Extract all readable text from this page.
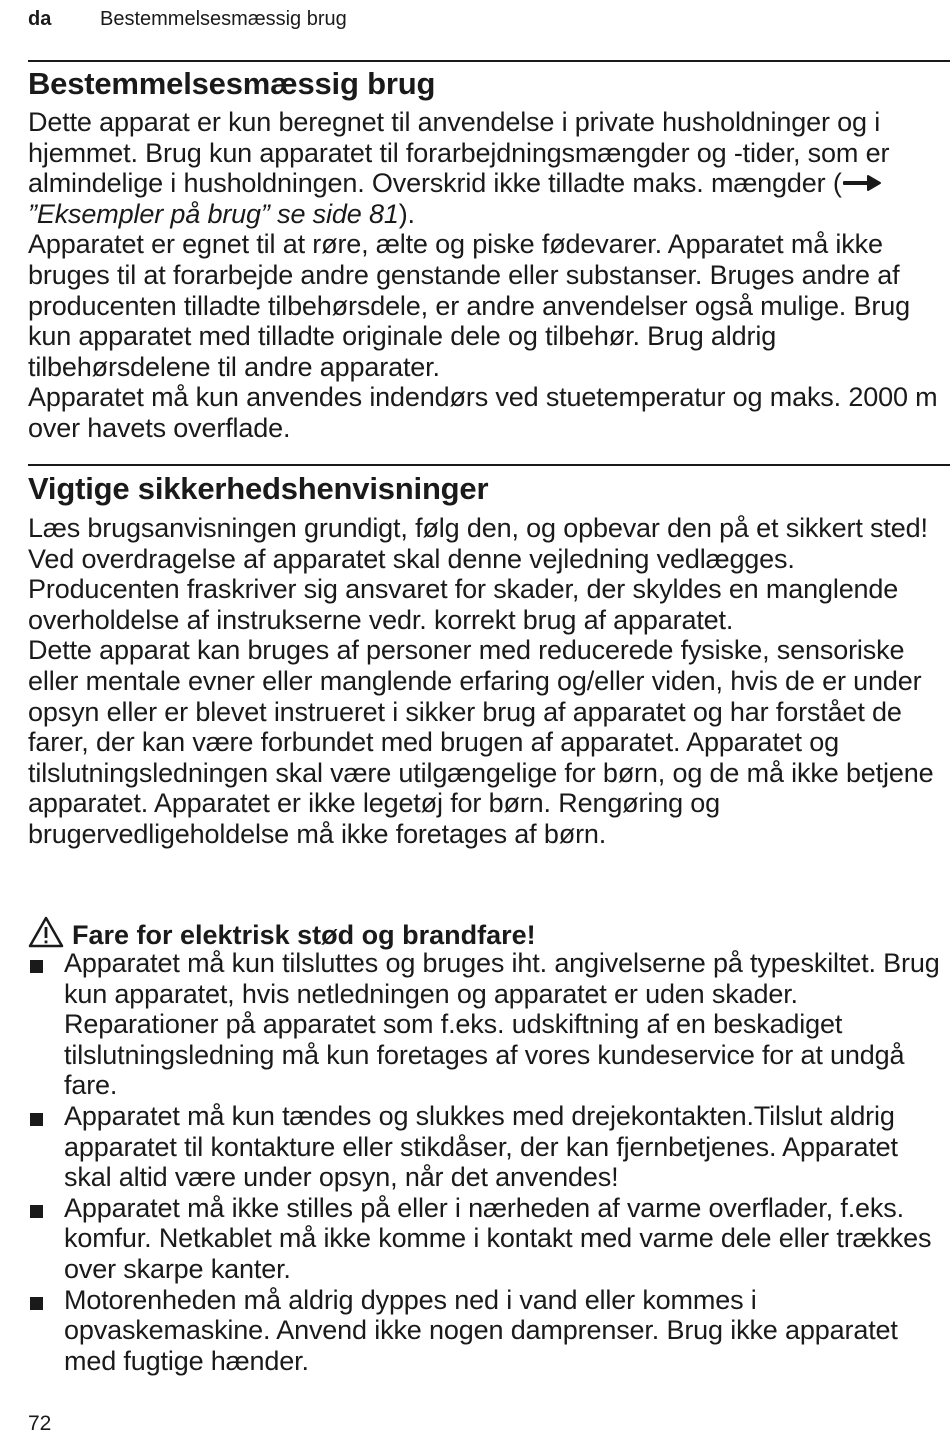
da Bestemmelsesmæssig brug
Bestemmelsesmæssig brug

Dette apparat er kun beregnet til anvendelse i private husholdninger og i hjemmet. Brug kun apparatet til forarbejdningsmængder og -tider, som er almindelige i husholdningen. Overskrid ikke tilladte maks. mængder (”Eksempler på brug” se side 81).

Apparatet er egnet til at røre, ælte og piske fødevarer. Apparatet må ikke bruges til at forarbejde andre genstande eller substanser. Bruges andre af producenten tilladte tilbehørsdele, er andre anvendelser også mulige. Brug kun apparatet med tilladte originale dele og tilbehør. Brug aldrig tilbehørsdelene til andre apparater.

Apparatet må kun anvendes indendørs ved stuetemperatur og maks. 2000 m over havets overflade.

Vigtige sikkerhedshenvisninger

Læs brugsanvisningen grundigt, følg den, og opbevar den på et sikkert sted! Ved overdragelse af apparatet skal denne vejledning vedlægges. Producenten fraskriver sig ansvaret for skader, der skyldes en manglende overholdelse af instrukserne vedr. korrekt brug af apparatet.

Dette apparat kan bruges af personer med reducerede fysiske, sensoriske eller mentale evner eller manglende erfaring og/eller viden, hvis de er under opsyn eller er blevet instrueret i sikker brug af apparatet og har forstået de farer, der kan være forbundet med brugen af apparatet. Apparatet og tilslutningsledningen skal være utilgængelige for børn, og de må ikke betjene apparatet. Apparatet er ikke legetøj for børn. Rengøring og brugervedligeholdelse må ikke foretages af børn.

Fare for elektrisk stød og brandfare!
Apparatet må kun tilsluttes og bruges iht. angivelserne på typeskiltet. Brug kun apparatet, hvis netledningen og apparatet er uden skader. Reparationer på apparatet som f.eks. udskiftning af en beskadiget tilslutningsledning må kun foretages af vores kundeservice for at undgå fare.
Apparatet må kun tændes og slukkes med drejekontakten.Tilslut aldrig apparatet til kontakture eller stikdåser, der kan fjernbetjenes. Apparatet skal altid være under opsyn, når det anvendes!
Apparatet må ikke stilles på eller i nærheden af varme overflader, f.eks. komfur. Netkablet må ikke komme i kontakt med varme dele eller trækkes over skarpe kanter.
Motorenheden må aldrig dyppes ned i vand eller kommes i opvaskemaskine. Anvend ikke nogen damprenser. Brug ikke apparatet med fugtige hænder.
72
